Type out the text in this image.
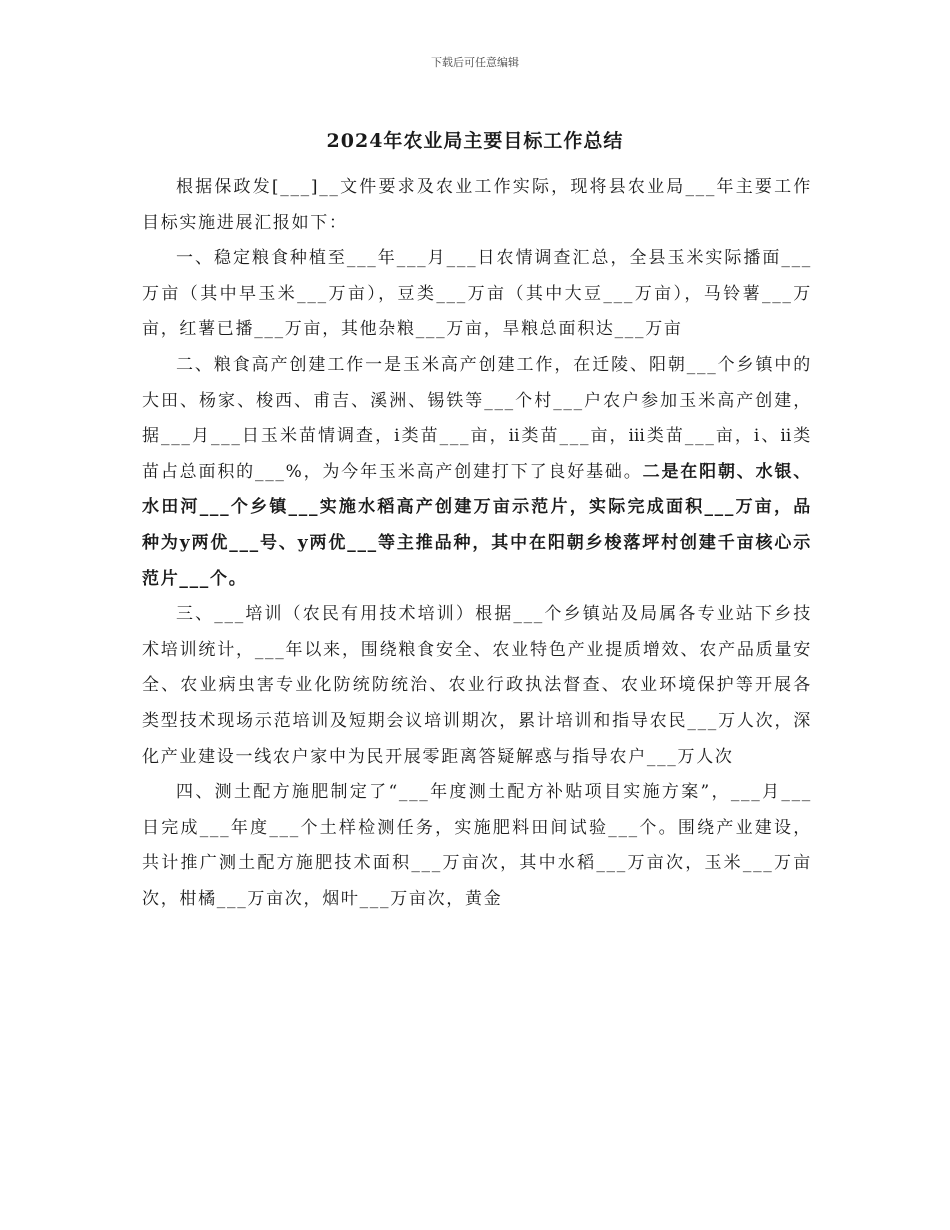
下载后可任意编辑
2024年农业局主要目标工作总结

根据保政发[___]__文件要求及农业工作实际，现将县农业局___年主要工作目标实施进展汇报如下：

一、稳定粮食种植至___年___月___日农情调查汇总，全县玉米实际播面___万亩（其中早玉米___万亩），豆类___万亩（其中大豆___万亩），马铃薯___万亩，红薯已播___万亩，其他杂粮___万亩，旱粮总面积达___万亩

二、粮食高产创建工作一是玉米高产创建工作，在迁陵、阳朝___个乡镇中的大田、杨家、梭西、甫吉、溪洲、锡铁等___个村___户农户参加玉米高产创建，据___月___日玉米苗情调查，ⅰ类苗___亩，ⅱ类苗___亩，ⅲ类苗___亩，ⅰ、ⅱ类苗占总面积的___%，为今年玉米高产创建打下了良好基础。二是在阳朝、水银、水田河___个乡镇___实施水稻高产创建万亩示范片，实际完成面积___万亩，品种为y两优___号、y两优___等主推品种，其中在阳朝乡梭落坪村创建千亩核心示范片___个。

三、___培训（农民有用技术培训）根据___个乡镇站及局属各专业站下乡技术培训统计，___年以来，围绕粮食安全、农业特色产业提质增效、农产品质量安全、农业病虫害专业化防统防统治、农业行政执法督查、农业环境保护等开展各类型技术现场示范培训及短期会议培训期次，累计培训和指导农民___万人次，深化产业建设一线农户家中为民开展零距离答疑解惑与指导农户___万人次

四、测土配方施肥制定了“___年度测土配方补贴项目实施方案”，___月___日完成___年度___个土样检测任务，实施肥料田间试验___个。围绕产业建设，共计推广测土配方施肥技术面积___万亩次，其中水稻___万亩次，玉米___万亩次，柑橘___万亩次，烟叶___万亩次，黄金
